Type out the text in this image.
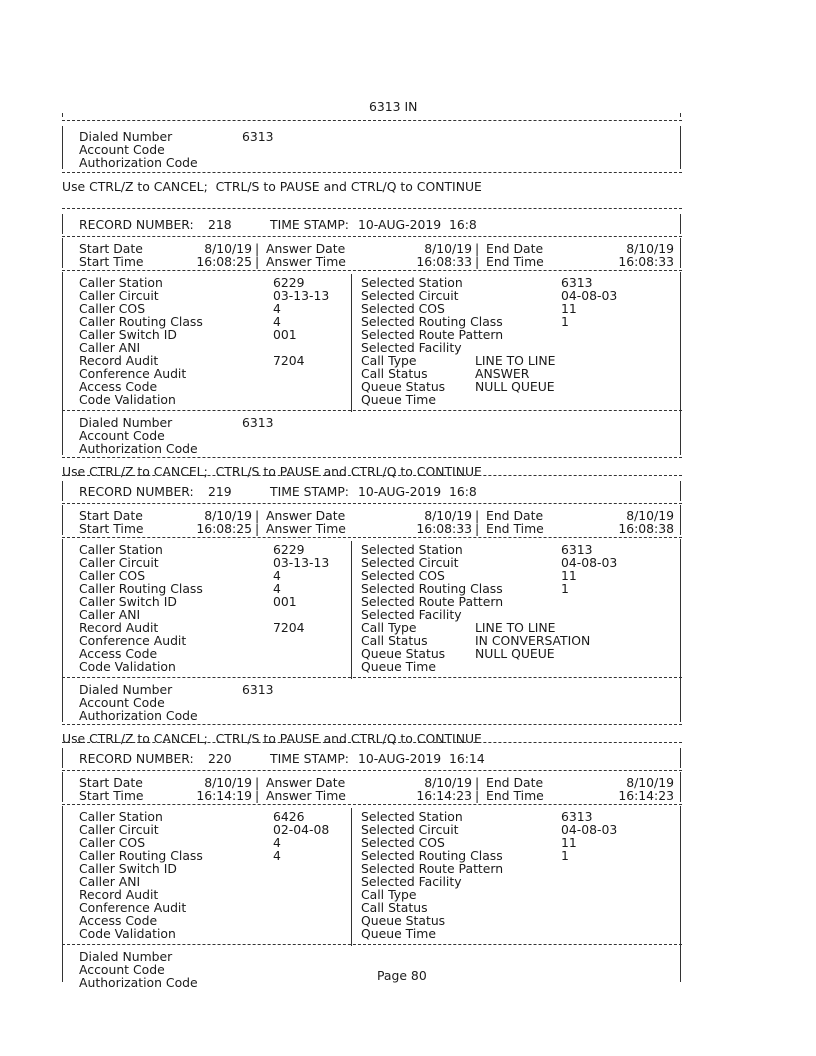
6313 IN
Dialed Number	6313
Account Code
Authorization Code
Use CTRL/Z to CANCEL;  CTRL/S to PAUSE and CTRL/Q to CONTINUE
RECORD NUMBER: 218	TIME STAMP: 10-AUG-2019  16:8
Start Date	8/10/19 | Answer Date	8/10/19 | End Date	8/10/19
Start Time	16:08:25 | Answer Time	16:08:33 | End Time	16:08:33
Caller Station	6229
Caller Circuit	03-13-13
Caller COS	4
Caller Routing Class	4
Caller Switch ID	001
Caller ANI
Record Audit	7204
Conference Audit
Access Code
Code Validation
Selected Station	6313
Selected Circuit	04-08-03
Selected COS	11
Selected Routing Class	1
Selected Route Pattern
Selected Facility
Call Type	LINE TO LINE
Call Status	ANSWER
Queue Status NULL QUEUE
Queue Time
Dialed Number	6313
Account Code
Authorization Code
Use CTRL/Z to CANCEL;  CTRL/S to PAUSE and CTRL/Q to CONTINUE
RECORD NUMBER: 219	TIME STAMP: 10-AUG-2019  16:8
Start Date	8/10/19 | Answer Date	8/10/19 | End Date	8/10/19
Start Time	16:08:25 | Answer Time	16:08:33 | End Time	16:08:38
Caller Station	6229
Caller Circuit	03-13-13
Caller COS	4
Caller Routing Class	4
Caller Switch ID	001
Caller ANI
Record Audit	7204
Conference Audit
Access Code
Code Validation
Selected Station	6313
Selected Circuit	04-08-03
Selected COS	11
Selected Routing Class	1
Selected Route Pattern
Selected Facility
Call Type	LINE TO LINE
Call Status	IN CONVERSATION
Queue Status NULL QUEUE
Queue Time
Dialed Number	6313
Account Code
Authorization Code
Use CTRL/Z to CANCEL;  CTRL/S to PAUSE and CTRL/Q to CONTINUE
RECORD NUMBER: 220	TIME STAMP: 10-AUG-2019  16:14
Start Date	8/10/19 | Answer Date	8/10/19 | End Date	8/10/19
Start Time	16:14:19 | Answer Time	16:14:23 | End Time	16:14:23
Caller Station	6426
Caller Circuit	02-04-08
Caller COS	4
Caller Routing Class	4
Caller Switch ID
Caller ANI
Record Audit
Conference Audit
Access Code
Code Validation
Selected Station	6313
Selected Circuit	04-08-03
Selected COS	11
Selected Routing Class	1
Selected Route Pattern
Selected Facility
Call Type
Call Status
Queue Status
Queue Time
Dialed Number
Account Code
Authorization Code	Page 80
